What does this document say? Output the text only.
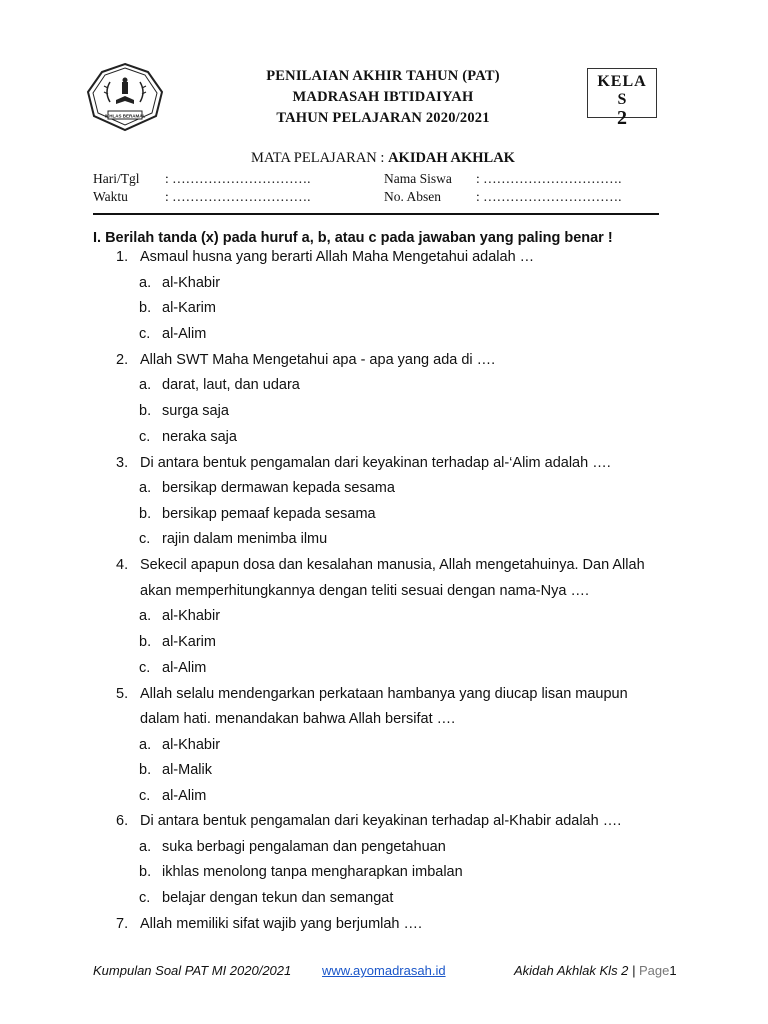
IKHLAS BERAMAL
PENILAIAN AKHIR TAHUN (PAT)
MADRASAH IBTIDAIYAH
TAHUN PELAJARAN 2020/2021
KELA
S
2
MATA PELAJARAN : AKIDAH AKHLAK
Hari/Tgl : ………………………….
Waktu	: ………………………….
Nama Siswa : ………………………….
No. Absen	: ………………………….
I. Berilah tanda (x) pada huruf a, b, atau c pada jawaban yang paling benar !
1. Asmaul husna yang berarti Allah Maha Mengetahui adalah …
a. al-Khabir
b. al-Karim
c. al-Alim
2. Allah SWT Maha Mengetahui apa - apa yang ada di ….
a. darat, laut, dan udara
b. surga saja
c. neraka saja
3. Di antara bentuk pengamalan dari keyakinan terhadap al-‘Alim adalah ….
a. bersikap dermawan kepada sesama
b. bersikap pemaaf kepada sesama
c. rajin dalam menimba ilmu
4. Sekecil apapun dosa dan kesalahan manusia, Allah mengetahuinya. Dan Allah
akan memperhitungkannya dengan teliti sesuai dengan nama-Nya ….
a. al-Khabir
b. al-Karim
c. al-Alim
5. Allah selalu mendengarkan perkataan hambanya yang diucap lisan maupun
dalam hati. menandakan bahwa Allah bersifat ….
a. al-Khabir
b. al-Malik
c. al-Alim
6. Di antara bentuk pengamalan dari keyakinan terhadap al-Khabir adalah ….
a. suka berbagi pengalaman dan pengetahuan
b. ikhlas menolong tanpa mengharapkan imbalan
c. belajar dengan tekun dan semangat
7. Allah memiliki sifat wajib yang berjumlah ….
Kumpulan Soal PAT MI 2020/2021 www.ayomadrasah.id	Akidah Akhlak Kls 2 | Page1
